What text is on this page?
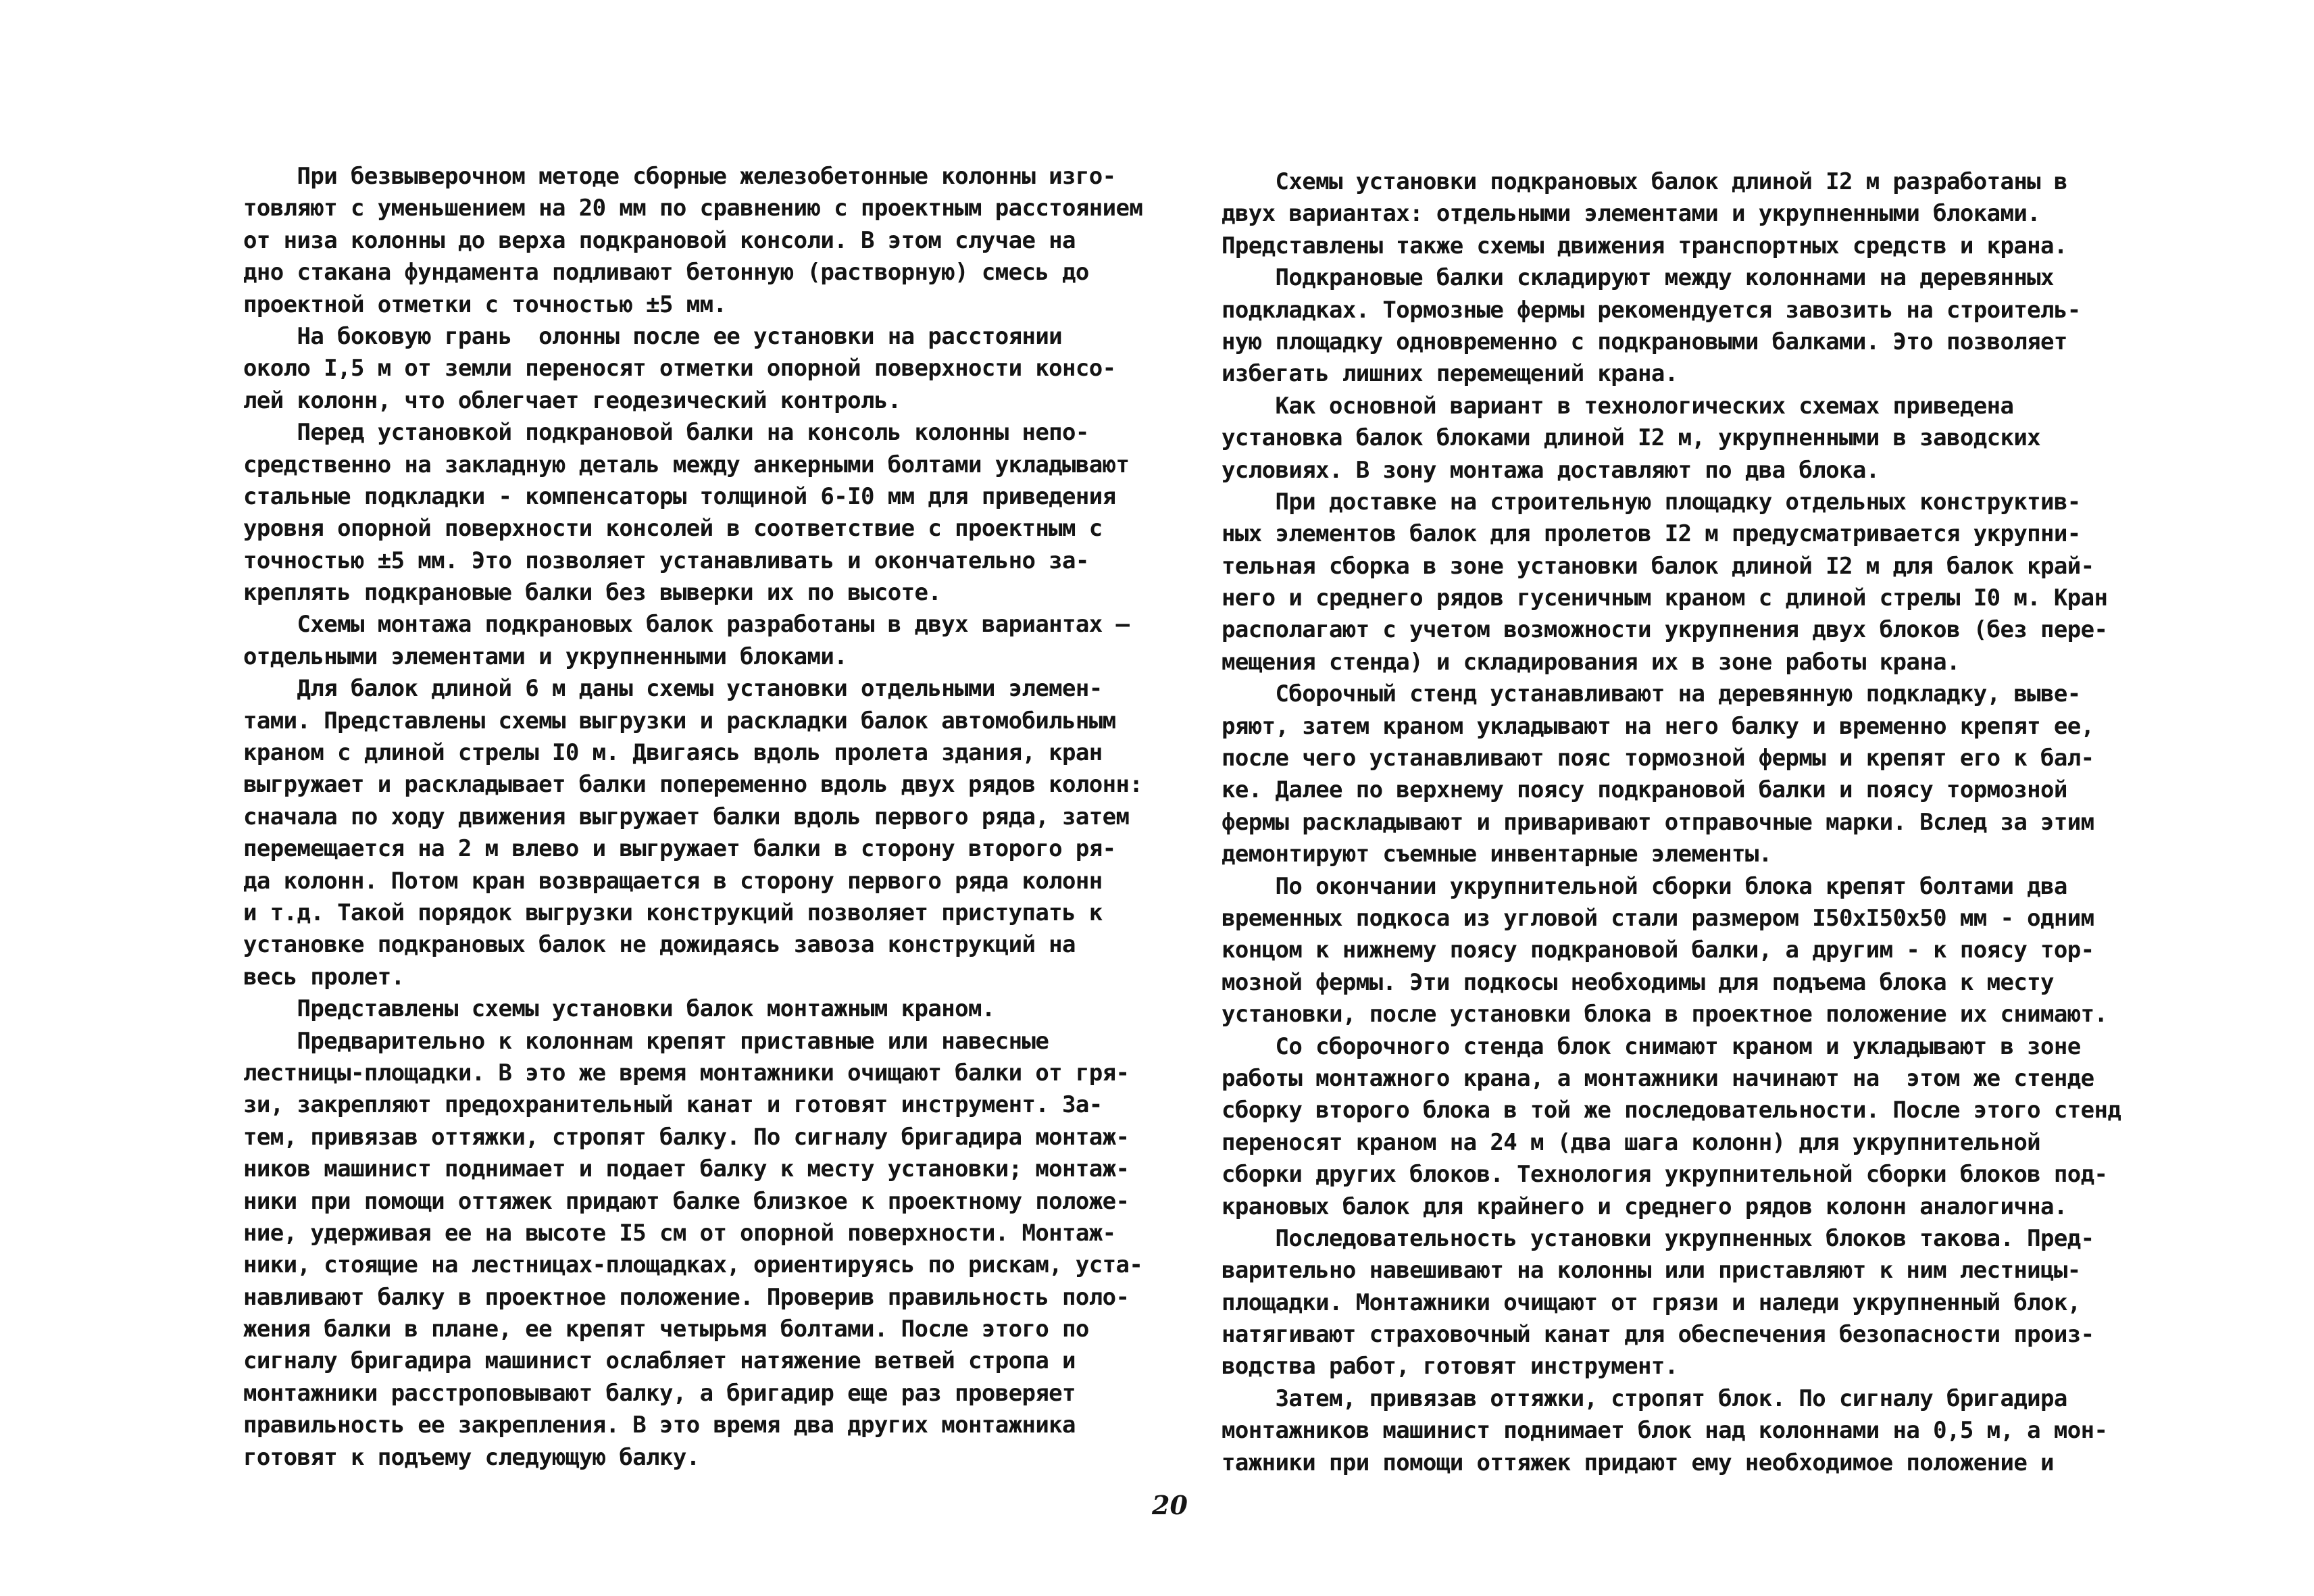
При безвыверочном методе сборные железобетонные колонны изго-
товляют с уменьшением на 20 мм по сравнению с проектным расстоянием
от низа колонны до верха подкрановой консоли. В этом случае на
дно стакана фундамента подливают бетонную (растворную) смесь до
проектной отметки с точностью ±5 мм.
На боковую грань  олонны после ее установки на расстоянии
около I,5 м от земли переносят отметки опорной поверхности консо-
лей колонн, что облегчает геодезический контроль.
Перед установкой подкрановой балки на консоль колонны непо-
средственно на закладную деталь между анкерными болтами укладывают
стальные подкладки - компенсаторы толщиной 6-I0 мм для приведения
уровня опорной поверхности консолей в соответствие с проектным с
точностью ±5 мм. Это позволяет устанавливать и окончательно за-
креплять подкрановые балки без выверки их по высоте.
Схемы монтажа подкрановых балок разработаны в двух вариантах —
отдельными элементами и укрупненными блоками.
Для балок длиной 6 м даны схемы установки отдельными элемен-
тами. Представлены схемы выгрузки и раскладки балок автомобильным
краном с длиной стрелы I0 м. Двигаясь вдоль пролета здания, кран
выгружает и раскладывает балки попеременно вдоль двух рядов колонн:
сначала по ходу движения выгружает балки вдоль первого ряда, затем
перемещается на 2 м влево и выгружает балки в сторону второго ря-
да колонн. Потом кран возвращается в сторону первого ряда колонн
и т.д. Такой порядок выгрузки конструкций позволяет приступать к
установке подкрановых балок не дожидаясь завоза конструкций на
весь пролет.
Представлены схемы установки балок монтажным краном.
Предварительно к колоннам крепят приставные или навесные
лестницы-площадки. В это же время монтажники очищают балки от гря-
зи, закрепляют предохранительный канат и готовят инструмент. За-
тем, привязав оттяжки, стропят балку. По сигналу бригадира монтаж-
ников машинист поднимает и подает балку к месту установки; монтаж-
ники при помощи оттяжек придают балке близкое к проектному положе-
ние, удерживая ее на высоте I5 см от опорной поверхности. Монтаж-
ники, стоящие на лестницах-площадках, ориентируясь по рискам, уста-
навливают балку в проектное положение. Проверив правильность поло-
жения балки в плане, ее крепят четырьмя болтами. После этого по
сигналу бригадира машинист ослабляет натяжение ветвей стропа и
монтажники расстроповывают балку, а бригадир еще раз проверяет
правильность ее закрепления. В это время два других монтажника
готовят к подъему следующую балку.
Схемы установки подкрановых балок длиной I2 м разработаны в
двух вариантах: отдельными элементами и укрупненными блоками.
Представлены также схемы движения транспортных средств и крана.
Подкрановые балки складируют между колоннами на деревянных
подкладках. Тормозные фермы рекомендуется завозить на строитель-
ную площадку одновременно с подкрановыми балками. Это позволяет
избегать лишних перемещений крана.
Как основной вариант в технологических схемах приведена
установка балок блоками длиной I2 м, укрупненными в заводских
условиях. В зону монтажа доставляют по два блока.
При доставке на строительную площадку отдельных конструктив-
ных элементов балок для пролетов I2 м предусматривается укрупни-
тельная сборка в зоне установки балок длиной I2 м для балок край-
него и среднего рядов гусеничным краном с длиной стрелы I0 м. Кран
располагают с учетом возможности укрупнения двух блоков (без пере-
мещения стенда) и складирования их в зоне работы крана.
Сборочный стенд устанавливают на деревянную подкладку, выве-
ряют, затем краном укладывают на него балку и временно крепят ее,
после чего устанавливают пояс тормозной фермы и крепят его к бал-
ке. Далее по верхнему поясу подкрановой балки и поясу тормозной
фермы раскладывают и приваривают отправочные марки. Вслед за этим
демонтируют съемные инвентарные элементы.
По окончании укрупнительной сборки блока крепят болтами два
временных подкоса из угловой стали размером I50xI50x50 мм - одним
концом к нижнему поясу подкрановой балки, а другим - к поясу тор-
мозной фермы. Эти подкосы необходимы для подъема блока к месту
установки, после установки блока в проектное положение их снимают.
Со сборочного стенда блок снимают краном и укладывают в зоне
работы монтажного крана, а монтажники начинают на  этом же стенде
сборку второго блока в той же последовательности. После этого стенд
переносят краном на 24 м (два шага колонн) для укрупнительной
сборки других блоков. Технология укрупнительной сборки блоков под-
крановых балок для крайнего и среднего рядов колонн аналогична.
Последовательность установки укрупненных блоков такова. Пред-
варительно навешивают на колонны или приставляют к ним лестницы-
площадки. Монтажники очищают от грязи и наледи укрупненный блок,
натягивают страховочный канат для обеспечения безопасности произ-
водства работ, готовят инструмент.
Затем, привязав оттяжки, стропят блок. По сигналу бригадира
монтажников машинист поднимает блок над колоннами на 0,5 м, а мон-
тажники при помощи оттяжек придают ему необходимое положение и
20
